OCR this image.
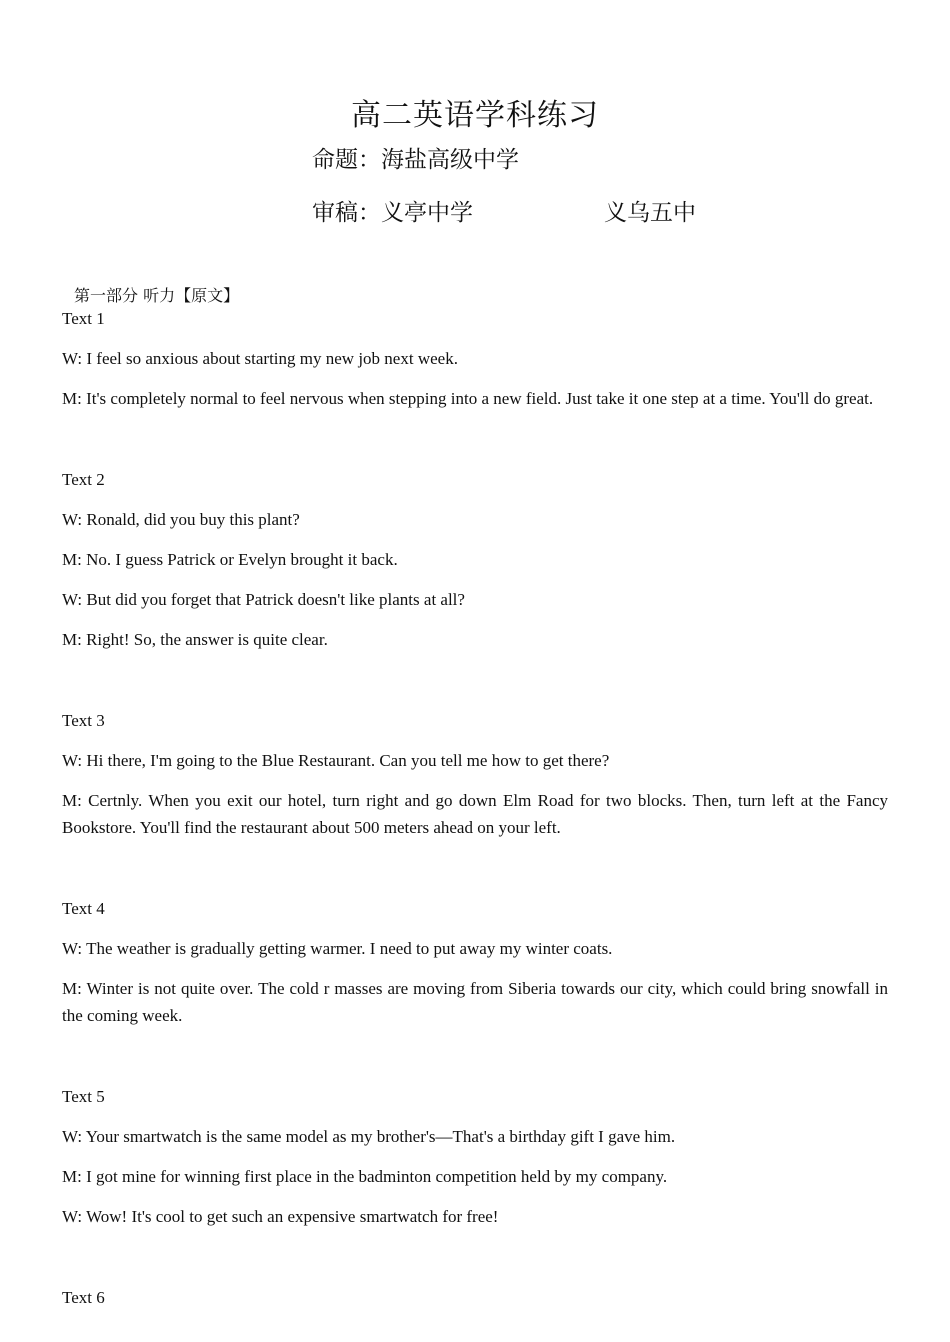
高二英语学科练习
命题：海盐高级中学
审稿：义亭中学	义乌五中
第一部分 听力【原文】

Text 1

W: I feel so anxious about starting my new job next week.

M: It's completely normal to feel nervous when stepping into a new field. Just take it one step at a time. You'll do great.

Text 2

W: Ronald, did you buy this plant?

M: No. I guess Patrick or Evelyn brought it back.

W: But did you forget that Patrick doesn't like plants at all?

M: Right! So, the answer is quite clear.

Text 3

W: Hi there, I'm going to the Blue Restaurant. Can you tell me how to get there?

M: Certnly. When you exit our hotel, turn right and go down Elm Road for two blocks. Then, turn left at the Fancy Bookstore. You'll find the restaurant about 500 meters ahead on your left.

Text 4

W: The weather is gradually getting warmer. I need to put away my winter coats.

M: Winter is not quite over. The cold r masses are moving from Siberia towards our city, which could bring snowfall in the coming week.

Text 5

W: Your smartwatch is the same model as my brother's—That's a birthday gift I gave him.

M: I got mine for winning first place in the badminton competition held by my company.

W: Wow! It's cool to get such an expensive smartwatch for free!

Text 6
